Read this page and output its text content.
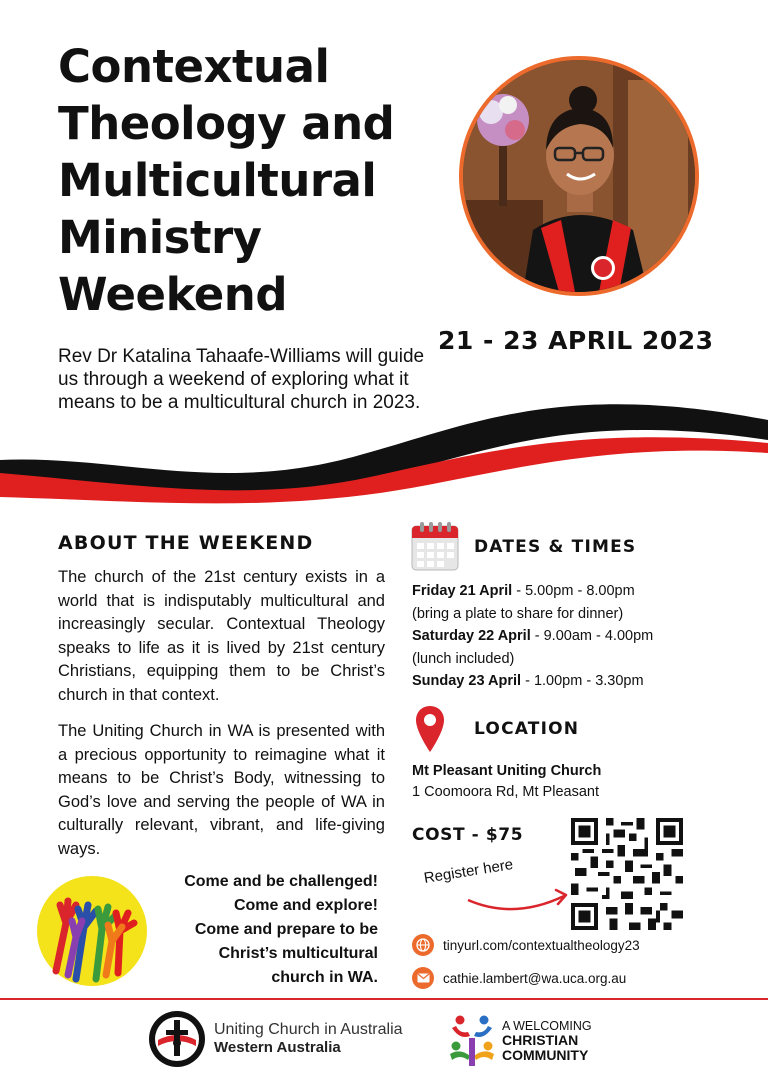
Contextual
Theology and
Multicultural
Ministry
Weekend
21 - 23 APRIL 2023

Rev Dr Katalina Tahaafe-Williams will guide us through a weekend of exploring what it means to be a multicultural church in 2023.

ABOUT THE WEEKEND

The church of the 21st century exists in a world that is indisputably multicultural and increasingly secular. Contextual Theology speaks to life as it is lived by 21st century Christians, equipping them to be Christ’s church in that context.

The Uniting Church in WA is presented with a precious opportunity to reimagine what it means to be Christ’s Body, witnessing to God’s love and serving the people of WA in culturally relevant, vibrant, and life-giving ways.

Come and be challenged!
Come and explore!
Come and prepare to be
Christ’s multicultural
church in WA.
DATES & TIMES
Friday 21 April - 5.00pm - 8.00pm
(bring a plate to share for dinner)
Saturday 22 April - 9.00am - 4.00pm
(lunch included)
Sunday 23 April - 1.00pm - 3.30pm
LOCATION
Mt Pleasant Uniting Church
1 Coomoora Rd, Mt Pleasant
COST - $75
Register here
tinyurl.com/contextualtheology23
cathie.lambert@wa.uca.org.au
Uniting Church in Australia
Western Australia
A WELCOMING
CHRISTIAN
COMMUNITY
